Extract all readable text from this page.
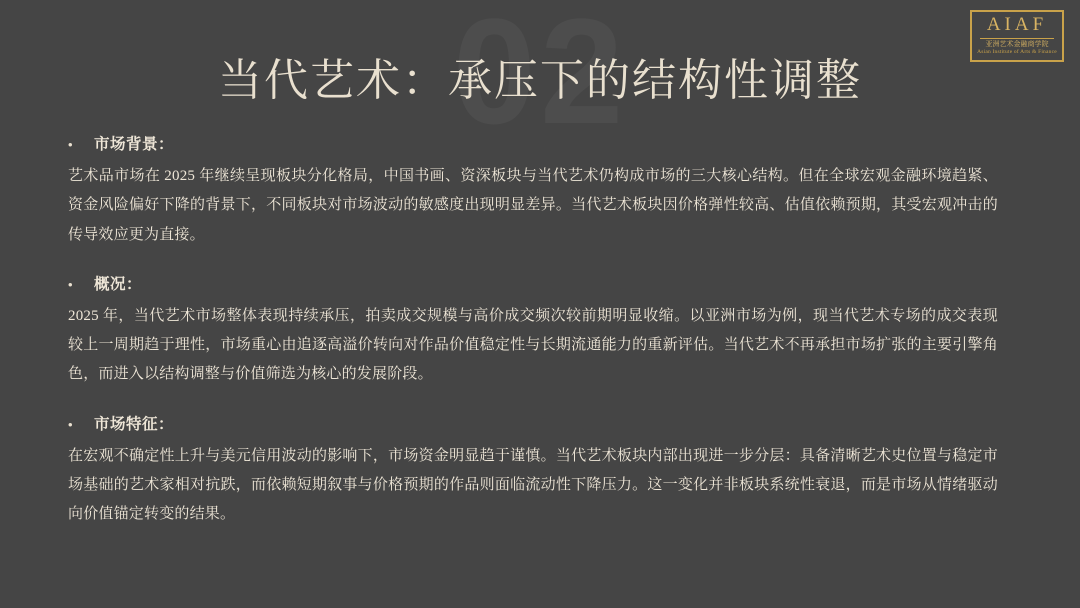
02
当代艺术：承压下的结构性调整
AIAF
亚洲艺术金融商学院
Asian Institute of Arts & Finance
•	市场背景：
艺术品市场在 2025 年继续呈现板块分化格局，中国书画、资深板块与当代艺术仍构成市场的三大核心结构。但在全球宏观金融环境趋紧、资金风险偏好下降的背景下，不同板块对市场波动的敏感度出现明显差异。当代艺术板块因价格弹性较高、估值依赖预期，其受宏观冲击的传导效应更为直接。
•	概况：
2025 年，当代艺术市场整体表现持续承压，拍卖成交规模与高价成交频次较前期明显收缩。以亚洲市场为例，现当代艺术专场的成交表现较上一周期趋于理性，市场重心由追逐高溢价转向对作品价值稳定性与长期流通能力的重新评估。当代艺术不再承担市场扩张的主要引擎角色，而进入以结构调整与价值筛选为核心的发展阶段。
•	市场特征：
在宏观不确定性上升与美元信用波动的影响下，市场资金明显趋于谨慎。当代艺术板块内部出现进一步分层：具备清晰艺术史位置与稳定市场基础的艺术家相对抗跌，而依赖短期叙事与价格预期的作品则面临流动性下降压力。这一变化并非板块系统性衰退，而是市场从情绪驱动向价值锚定转变的结果。
